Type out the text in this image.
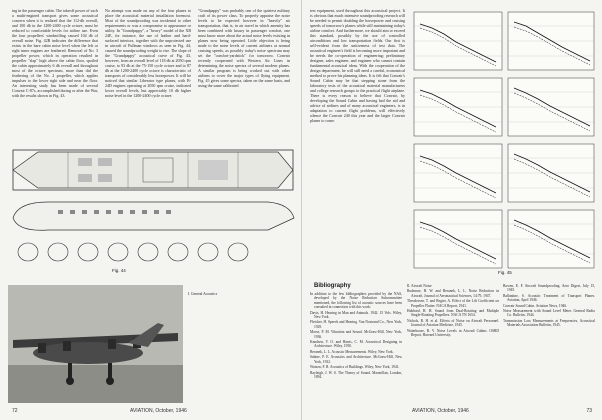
ing in the passenger cabin. The takeoff power of such a multi-engined transport gives some acoustical concern when it is realized that the 112-db overall, and 100 db in the 1200-2400 cycle octave, must be reduced to comfortable levels for airline use. Even the four propellers' windmilling caused 104 db of overall noise. Fig. 42B indicates the difference that exists in the bare cabin noise level when the left or right inner engines are feathered. Removal of No. 3 propeller power, which in operation resulted in propeller "slap" high above the cabin floor, spoiled the cabin approximately 6 db overall and throughout most of the octave spectrum, more than did the feathering of the No. 2 propeller, which applies impulses to the lower right side and near the floor. An interesting study has been made of several Convair C-87s, accomplished during or after the War, with the results shown in Fig. 43.
No attempt was made on any of the four planes to place the acoustical material installation foremost. Most of the soundproofing was incidental to other requirements or was a compromise to appearance or utility. In "Grandpappy", a "heavy" model of the XB 24E, for instance, the use of leather and hard-surfaced interiors, together with the unprotected use in aircraft of Pullman windows as seen in Fig. 44, caused the soundproofing weight to rise. The slope of the "Grandpappy" acoustical curve of Fig. 43, however, from an overall level of 118 db at 2050 rpm cruise, to 93 db at the 75-150 cycle octave and to 87 db at the 1200-2400 cycle octave is characteristic of transports of considerably less horsepower. It will be noticed that similar Liberator type planes, with B-24D engines operating at 2050 rpm cruise, indicated lower overall levels, but appreciably 10 db higher noise level in the 1200-2400 cycle octave.
"Grandpappy" was probably one of the quietest military craft of its power class. To properly appraise the noise levels to be expected however in "heavily" air transportation, that is, in air travel in which amenity has been combined with luxury in passenger comfort, one must know more about the actual noise levels existing in planes now being operated. Little objection is being made to the noise levels of current airliners at normal cruising speeds, as possibly today's noise spectrum may set the "comfort-yardstick" for tomorrow. Convair recently cooperated with Western Air Lines in determining the noise spectra of several modern planes. A similar program is being worked out with other airlines to cover the major types of flying equipment. Fig. 45 gives some spectra, taken on the same basis, and using the same calibrated
Fig. 44

I. General Acoustics

72	AVIATION, October, 1946
test equipment, used throughout this acoustical project. It is obvious that much intensive soundproofing research will be needed to permit doubling the horsepower and cruising speeds of tomorrow's planes while still maintaining today's airline comfort. And furthermore, we should aim to exceed this standard, possibly by the use of controlled airconditions and low transportation fields. Our first is self-evident from the unitiveness of test data. The acoustical engineer's field is becoming more important and he needs the co-operation of engineering; preliminary designer, sales engineer, and engineer who cannot contain fundamental acoustical ideas. With the cooperation of the design department, he will still need a careful, economical method to prove his planning ideas. It is felt that Convair's Sound Cabin may be that stepping stone from the laboratory tests of the acoustical material manufacturers and college research groups to the practical flight airplane. There is every reason to believe that Convair, by developing the Sound Cabin and having had the aid and advice of airlines and of many acoustical engineers, is in adaptation to current flight problems, will effectively silence the Convair 240 this year and the larger Convair planes to come.
Fig. 45
Bibliography

In addition to the few bibliographies provided by the NAS, developed by the Noise Reduction Subcommittee mentioned, the following list of acoustic sources have been consulted in connection with this work:

Davis, H. Hearing in Man and Animals. 1942. 15 Vols. Wiley, New York.

Fletcher, H. Speech and Hearing. Van Nostrand Co., New York, 1929.

Morse, P. M. Vibration and Sound. McGraw-Hill, New York, 1936.

Knudsen, V. O. and Harris, C. M. Acoustical Designing in Architecture. Wiley, 1950.

Beranek, L. L. Acoustic Measurements. Wiley, New York.

Sabine, P. E. Acoustics and Architecture. McGraw-Hill, New York, 1932.

Watson, F. R. Acoustics of Buildings. Wiley, New York, 1941.

Rayleigh, J. W. S. The Theory of Sound. Macmillan, London, 1894.

II. Aircraft Noise

Rudmose, H. W. and Beranek, L. L. Noise Reduction in Aircraft. Journal of Aeronautical Sciences, 14:79, 1947.

Theodorsen, T. and Regier, A. Effect of the Lift Coefficient on Propeller Flutter. NACA Report, 1941.

Hubbard, H. H. Sound from Dual-Rotating and Multiple Single-Rotating Propellers. NACA TN 1654.

Nichols, R. H. et al. Effects of Noise on Aircraft Personnel. Journal of Aviation Medicine, 1945.

Waterhouse, R. V. Noise Levels in Aircraft Cabins. OSRD Report, Harvard University.

Bowen, E. F. Aircraft Soundproofing. Aero Digest, July 15, 1945.

Ballantine, S. Acoustic Treatment of Transport Planes. Aviation, April 1946.

Convair Sound Cabin. Aviation News, 1946.

Noise Measurement with Sound Level Meter. General Radio Co. Bulletin, 1944.

Transmission Loss Measurements at Frequencies, Acoustical Materials Association Bulletin, 1945.

AVIATION, October, 1946	73
